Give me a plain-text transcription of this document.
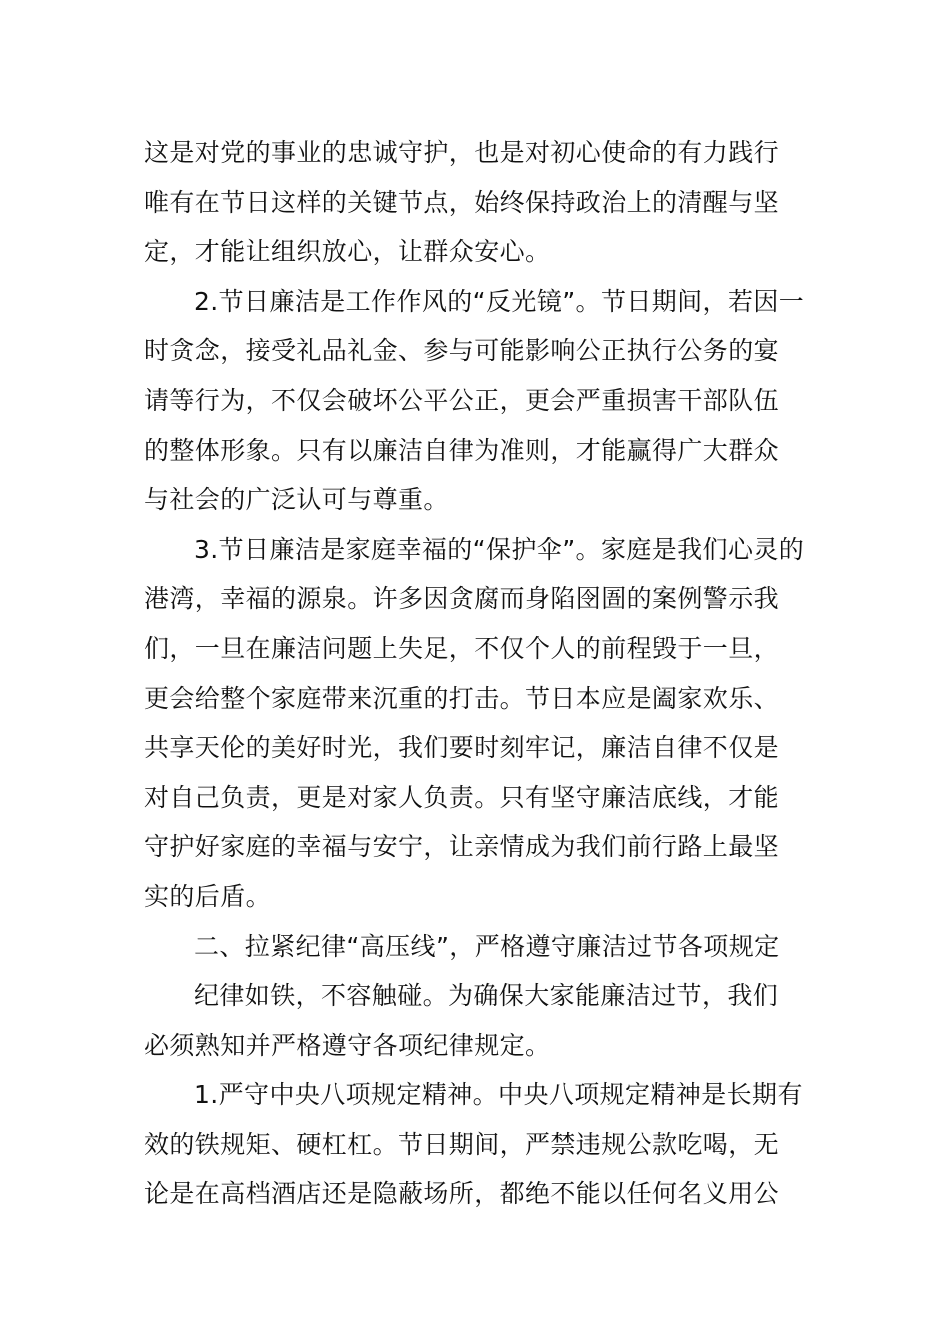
这是对党的事业的忠诚守护，也是对初心使命的有力践行
唯有在节日这样的关键节点，始终保持政治上的清醒与坚
定，才能让组织放心，让群众安心。
2.节日廉洁是工作作风的“反光镜”。节日期间，若因一
时贪念，接受礼品礼金、参与可能影响公正执行公务的宴
请等行为，不仅会破坏公平公正，更会严重损害干部队伍
的整体形象。只有以廉洁自律为准则，才能赢得广大群众
与社会的广泛认可与尊重。
3.节日廉洁是家庭幸福的“保护伞”。家庭是我们心灵的
港湾，幸福的源泉。许多因贪腐而身陷囹圄的案例警示我
们，一旦在廉洁问题上失足，不仅个人的前程毁于一旦，
更会给整个家庭带来沉重的打击。节日本应是阖家欢乐、
共享天伦的美好时光，我们要时刻牢记，廉洁自律不仅是
对自己负责，更是对家人负责。只有坚守廉洁底线，才能
守护好家庭的幸福与安宁，让亲情成为我们前行路上最坚
实的后盾。
二、拉紧纪律“高压线”，严格遵守廉洁过节各项规定
纪律如铁，不容触碰。为确保大家能廉洁过节，我们
必须熟知并严格遵守各项纪律规定。
1.严守中央八项规定精神。中央八项规定精神是长期有
效的铁规矩、硬杠杠。节日期间，严禁违规公款吃喝，无
论是在高档酒店还是隐蔽场所，都绝不能以任何名义用公
